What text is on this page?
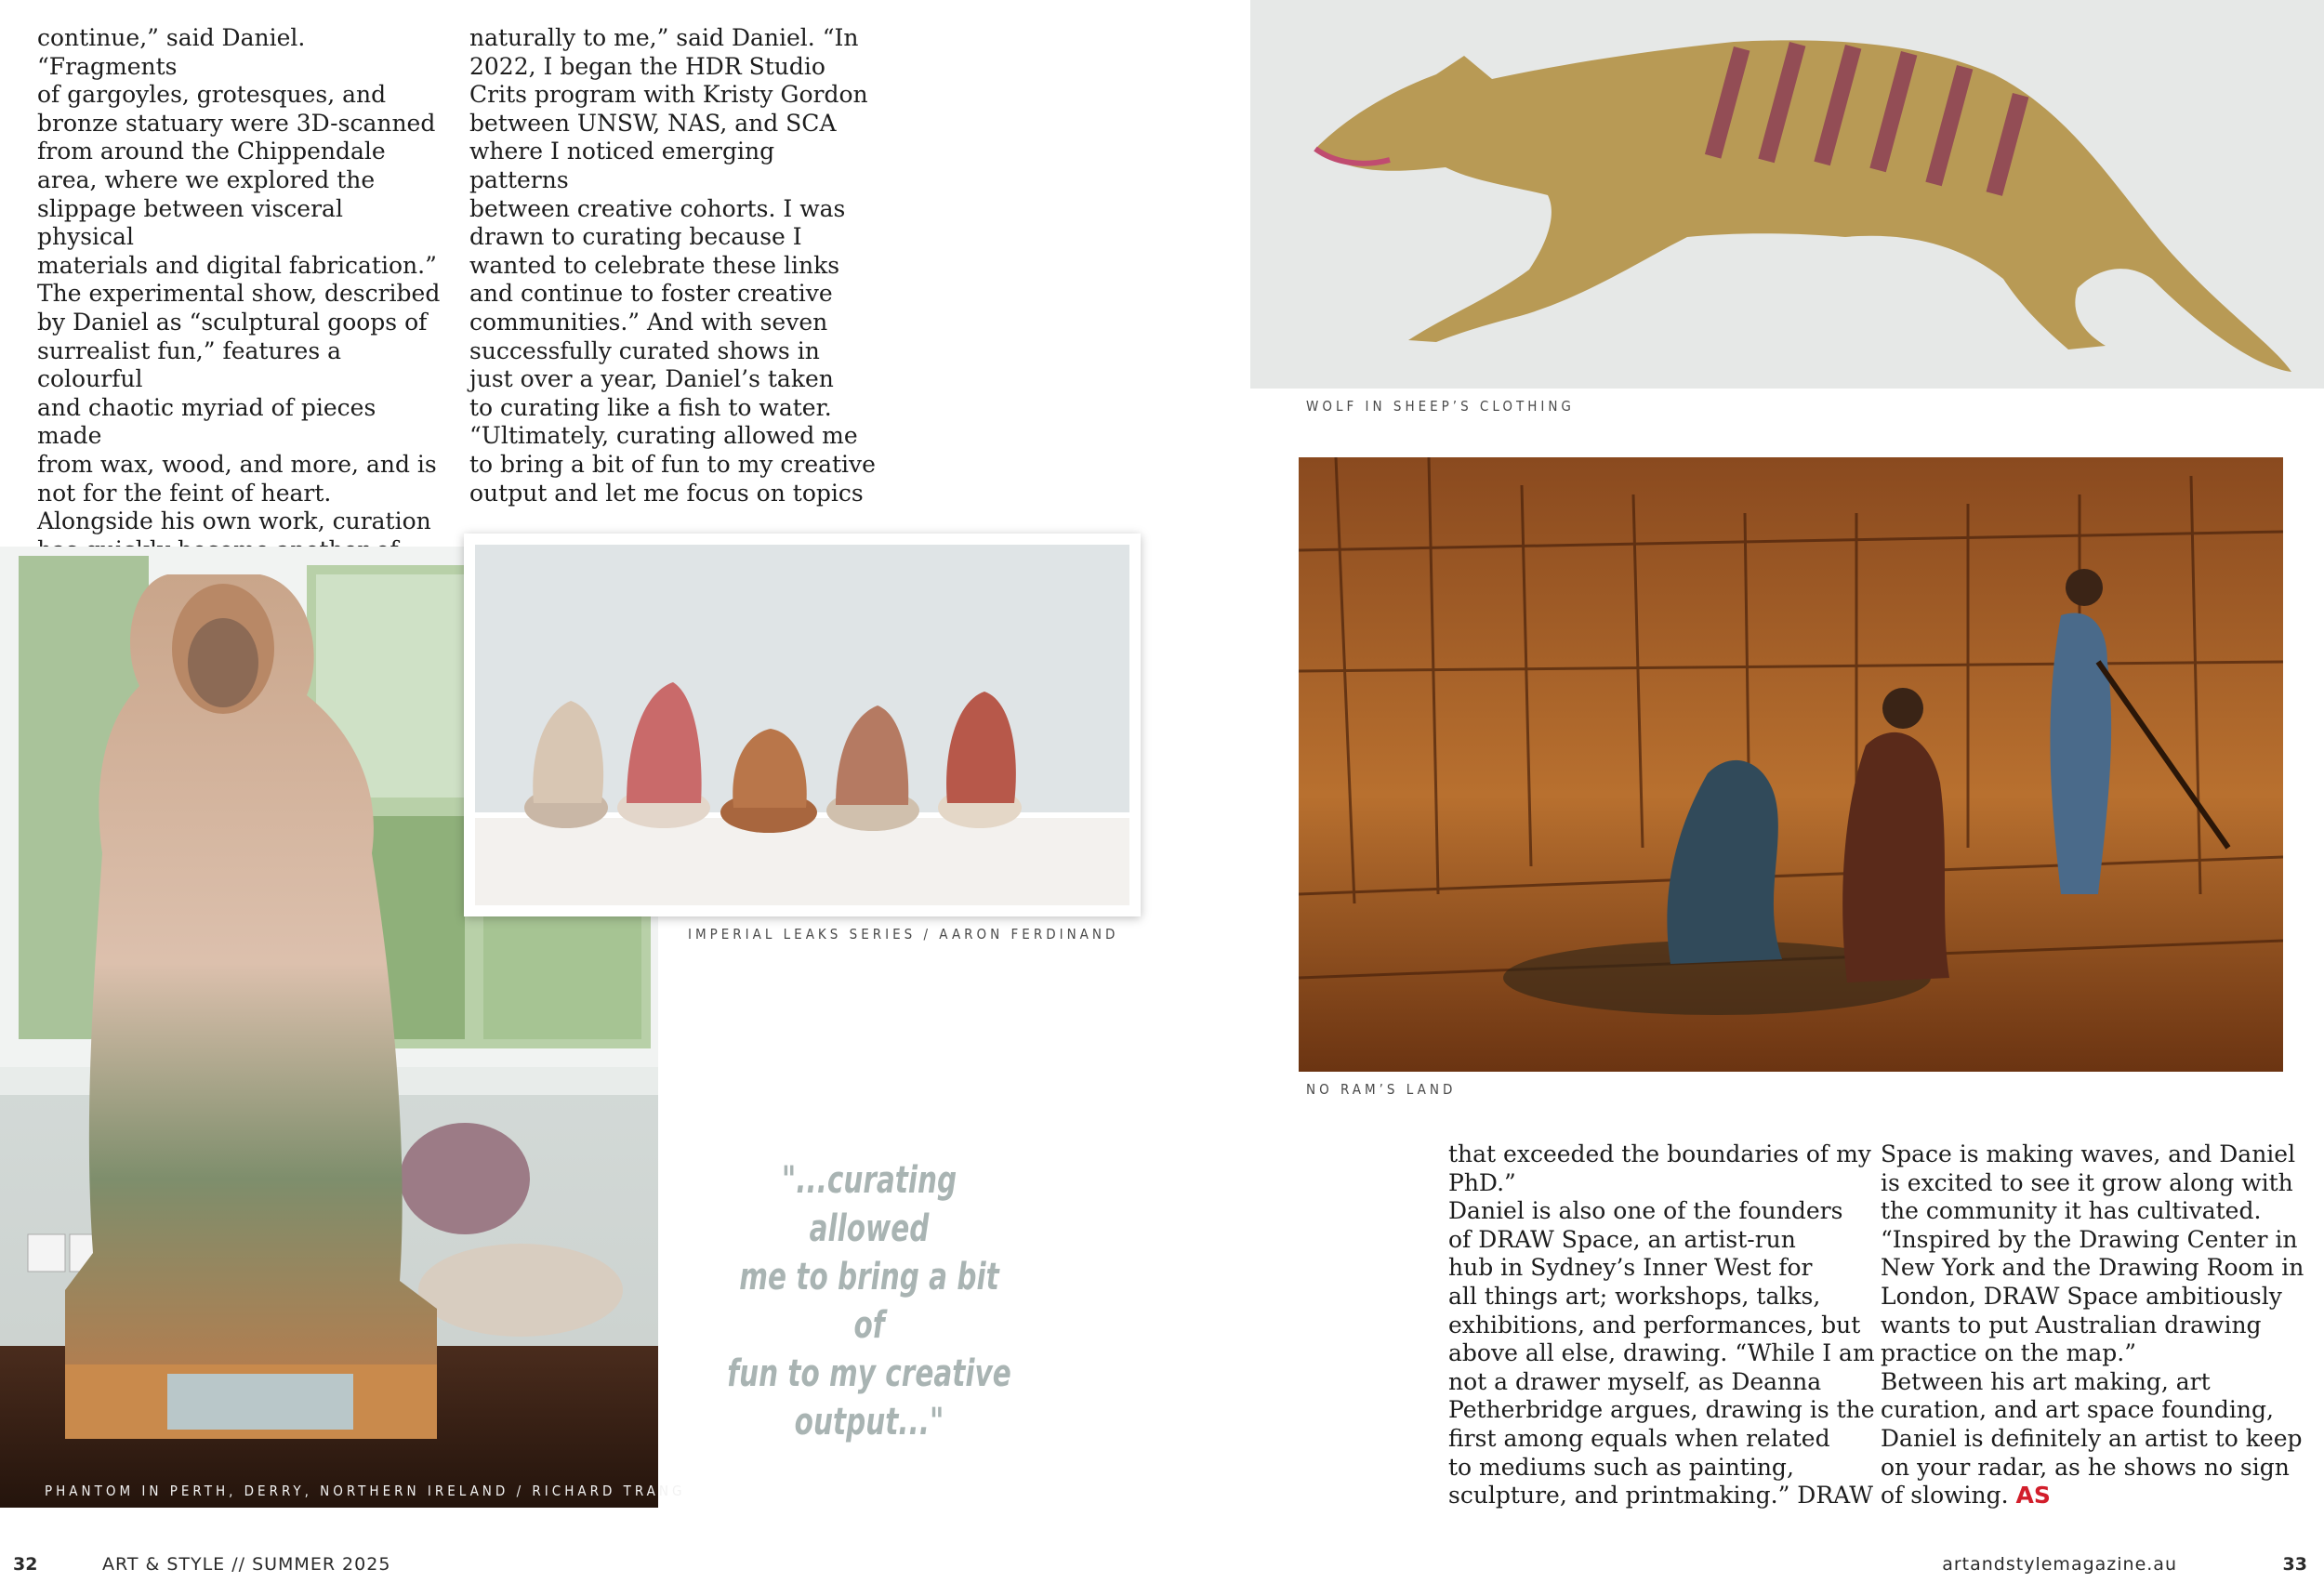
continue,” said Daniel. “Fragments
of gargoyles, grotesques, and
bronze statuary were 3D-scanned
from around the Chippendale
area, where we explored the
slippage between visceral physical
materials and digital fabrication.”
The experimental show, described
by Daniel as “sculptural goops of
surrealist fun,” features a colourful
and chaotic myriad of pieces made
from wax, wood, and more, and is
not for the feint of heart.
Alongside his own work, curation

naturally to me,” said Daniel. “In
2022, I began the HDR Studio
Crits program with Kristy Gordon
between UNSW, NAS, and SCA
where I noticed emerging patterns
between creative cohorts. I was
drawn to curating because I
wanted to celebrate these links
and continue to foster creative
communities.” And with seven
successfully curated shows in
just over a year, Daniel’s taken
to curating like a fish to water.
“Ultimately, curating allowed me
to bring a bit of fun to my creative
output and let me focus on topics

PHANTOM IN PERTH, DERRY, NORTHERN IRELAND / RICHARD TRANG
IMPERIAL LEAKS SERIES / AARON FERDINAND
"...curating allowed
me to bring a bit of
fun to my creative
output..."
WOLF IN SHEEP’S CLOTHING
NO RAM’S LAND

that exceeded the boundaries of my
PhD.”
Daniel is also one of the founders
of DRAW Space, an artist-run
hub in Sydney’s Inner West for
all things art; workshops, talks,
exhibitions, and performances, but
above all else, drawing. “While I am
not a drawer myself, as Deanna
Petherbridge argues, drawing is the
first among equals when related
to mediums such as painting,
sculpture, and printmaking.” DRAW

Space is making waves, and Daniel
is excited to see it grow along with
the community it has cultivated.
“Inspired by the Drawing Center in
New York and the Drawing Room in
London, DRAW Space ambitiously
wants to put Australian drawing
practice on the map.”
Between his art making, art
curation, and art space founding,
Daniel is definitely an artist to keep
on your radar, as he shows no sign
of slowing. AS
32	ART & STYLE // SUMMER 2025	artandstylemagazine.au	33
